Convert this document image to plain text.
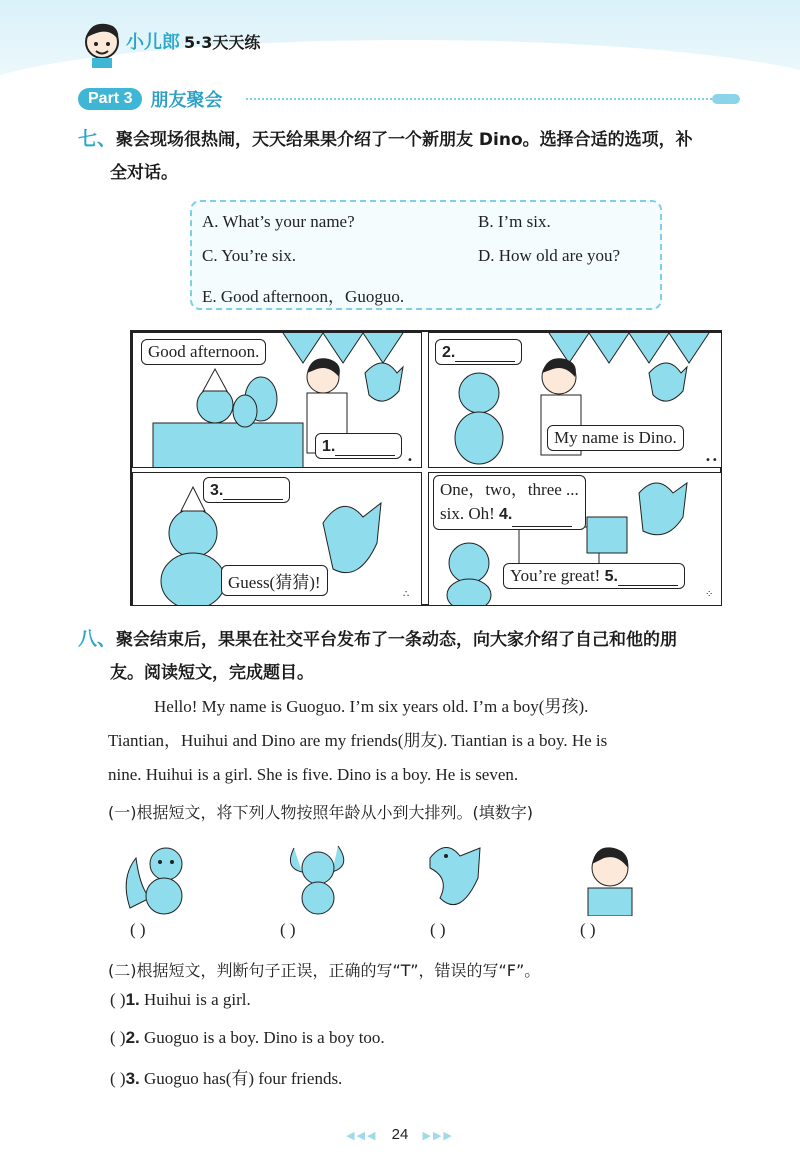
小儿郎 5·3天天练
Part 3	朋友聚会
七、聚会现场很热闹，天天给果果介绍了一个新朋友 Dino。选择合适的选项，补
全对话。
A. What’s your name?	B. I’m six.
C. You’re six.	D. How old are you?
E. Good afternoon，Guoguo.
Good afternoon.
1.
•
2.
My name is Dino.
••
3.
Guess(猜猜)!
∴
One，two，three ...
six. Oh! 4.
You’re great! 5.
⁘
八、聚会结束后，果果在社交平台发布了一条动态，向大家介绍了自己和他的朋
友。阅读短文，完成题目。
Hello! My name is Guoguo. I’m six years old. I’m a boy(男孩).
Tiantian，Huihui and Dino are my friends(朋友). Tiantian is a boy. He is
nine. Huihui is a girl. She is five. Dino is a boy. He is seven.
(一)根据短文，将下列人物按照年龄从小到大排列。(填数字)
( )	( )	( )	( )
(二)根据短文，判断句子正误，正确的写“T”，错误的写“F”。
( )1. Huihui is a girl.
( )2. Guoguo is a boy. Dino is a boy too.
( )3. Guoguo has(有) four friends.
◀◀◀ 24 ▶▶▶
